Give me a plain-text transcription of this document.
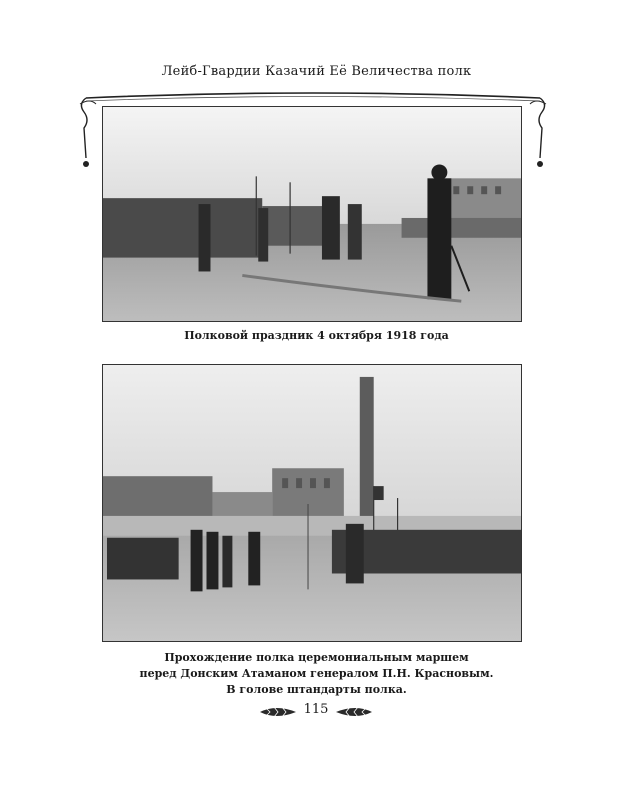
Лейб-Гвардии Казачий Её Величества полк
Полковой праздник 4 октября 1918 года
Прохождение полка церемониальным маршем
перед Донским Атаманом генералом П.Н. Красновым.
В голове штандарты полка.
115
